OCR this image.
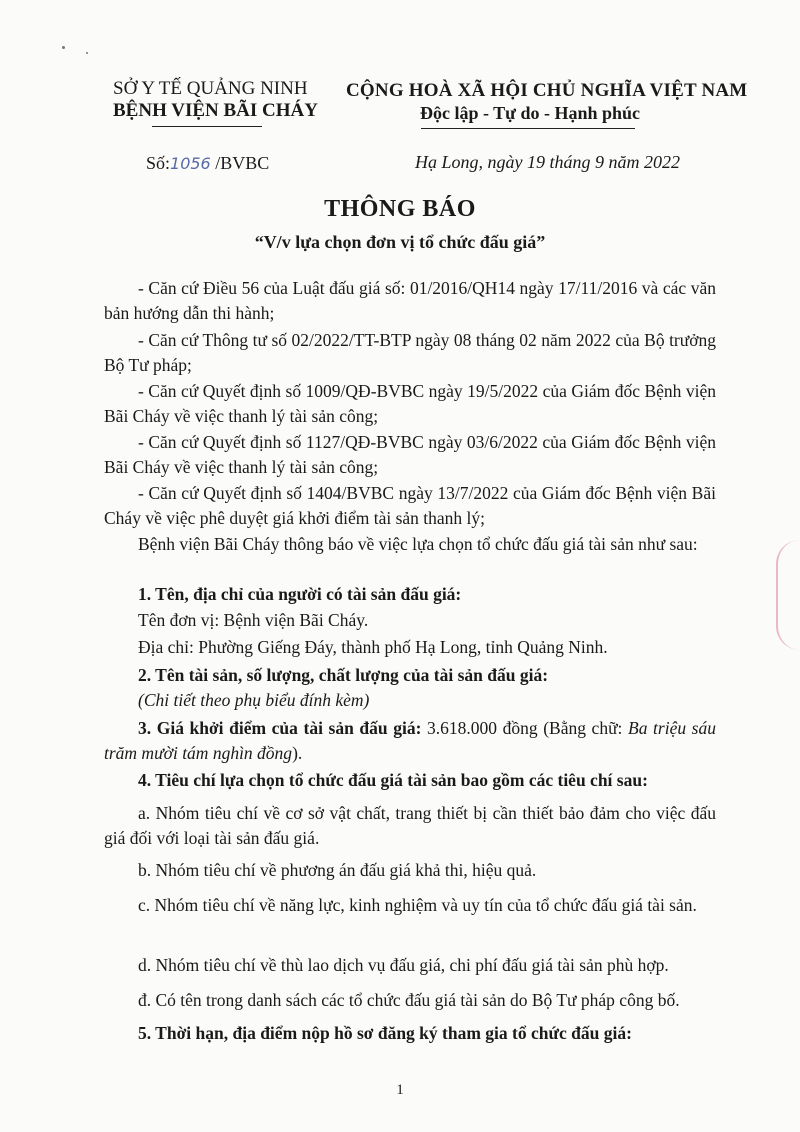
SỞ Y TẾ QUẢNG NINH
BỆNH VIỆN BÃI CHÁY
CỘNG HOÀ XÃ HỘI CHỦ NGHĨA VIỆT NAM
Độc lập - Tự do - Hạnh phúc
Số:1056 /BVBC	Hạ Long, ngày 19 tháng 9 năm 2022
THÔNG BÁO
“V/v lựa chọn đơn vị tổ chức đấu giá”
- Căn cứ Điều 56 của Luật đấu giá số: 01/2016/QH14 ngày 17/11/2016 và các văn bản hướng dẫn thi hành;
- Căn cứ Thông tư số 02/2022/TT-BTP ngày 08 tháng 02 năm 2022 của Bộ trưởng Bộ Tư pháp;
- Căn cứ Quyết định số 1009/QĐ-BVBC ngày 19/5/2022 của Giám đốc Bệnh viện Bãi Cháy về việc thanh lý tài sản công;
- Căn cứ Quyết định số 1127/QĐ-BVBC ngày 03/6/2022 của Giám đốc Bệnh viện Bãi Cháy về việc thanh lý tài sản công;
- Căn cứ Quyết định số 1404/BVBC ngày 13/7/2022 của Giám đốc Bệnh viện Bãi Cháy về việc phê duyệt giá khởi điểm tài sản thanh lý;
Bệnh viện Bãi Cháy thông báo về việc lựa chọn tổ chức đấu giá tài sản như sau:
1. Tên, địa chỉ của người có tài sản đấu giá:
Tên đơn vị: Bệnh viện Bãi Cháy.
Địa chỉ: Phường Giếng Đáy, thành phố Hạ Long, tỉnh Quảng Ninh.
2. Tên tài sản, số lượng, chất lượng của tài sản đấu giá:
(Chi tiết theo phụ biểu đính kèm)
3. Giá khởi điểm của tài sản đấu giá: 3.618.000 đồng (Bằng chữ: Ba triệu sáu trăm mười tám nghìn đồng).
4. Tiêu chí lựa chọn tổ chức đấu giá tài sản bao gồm các tiêu chí sau:
a. Nhóm tiêu chí về cơ sở vật chất, trang thiết bị cần thiết bảo đảm cho việc đấu giá đối với loại tài sản đấu giá.
b. Nhóm tiêu chí về phương án đấu giá khả thi, hiệu quả.
c. Nhóm tiêu chí về năng lực, kinh nghiệm và uy tín của tổ chức đấu giá tài sản.
d. Nhóm tiêu chí về thù lao dịch vụ đấu giá, chi phí đấu giá tài sản phù hợp.
đ. Có tên trong danh sách các tổ chức đấu giá tài sản do Bộ Tư pháp công bố.
5. Thời hạn, địa điểm nộp hồ sơ đăng ký tham gia tổ chức đấu giá:
1
